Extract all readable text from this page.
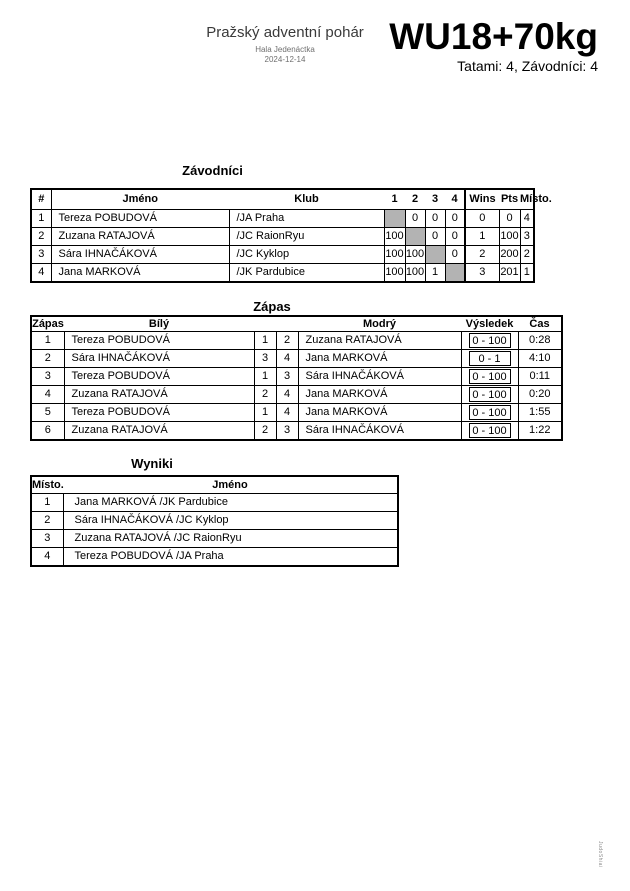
Pražský adventní pohár
Hala Jedenáctka
2024-12-14
WU18+70kg
Tatami: 4, Závodníci: 4
Závodníci
#	Jméno	Klub	1	2	3	4	Wins	Pts	Místo.
1	Tereza POBUDOVÁ	/JA Praha		0	0	0	0	0	4
2	Zuzana RATAJOVÁ	/JC RaionRyu	100		0	0	1	100	3
3	Sára IHNAČÁKOVÁ	/JC Kyklop	100	100		0	2	200	2
4	Jana MARKOVÁ	/JK Pardubice	100	100	1		3	201	1
Zápas
Zápas	Bílý			Modrý	Výsledek	Čas
1	Tereza POBUDOVÁ	1	2	Zuzana RATAJOVÁ	0 - 100	0:28
2	Sára IHNAČÁKOVÁ	3	4	Jana MARKOVÁ	0 - 1	4:10
3	Tereza POBUDOVÁ	1	3	Sára IHNAČÁKOVÁ	0 - 100	0:11
4	Zuzana RATAJOVÁ	2	4	Jana MARKOVÁ	0 - 100	0:20
5	Tereza POBUDOVÁ	1	4	Jana MARKOVÁ	0 - 100	1:55
6	Zuzana RATAJOVÁ	2	3	Sára IHNAČÁKOVÁ	0 - 100	1:22
Wyniki
Místo.	Jméno
1	Jana MARKOVÁ /JK Pardubice
2	Sára IHNAČÁKOVÁ /JC Kyklop
3	Zuzana RATAJOVÁ /JC RaionRyu
4	Tereza POBUDOVÁ /JA Praha
JudoShiai
